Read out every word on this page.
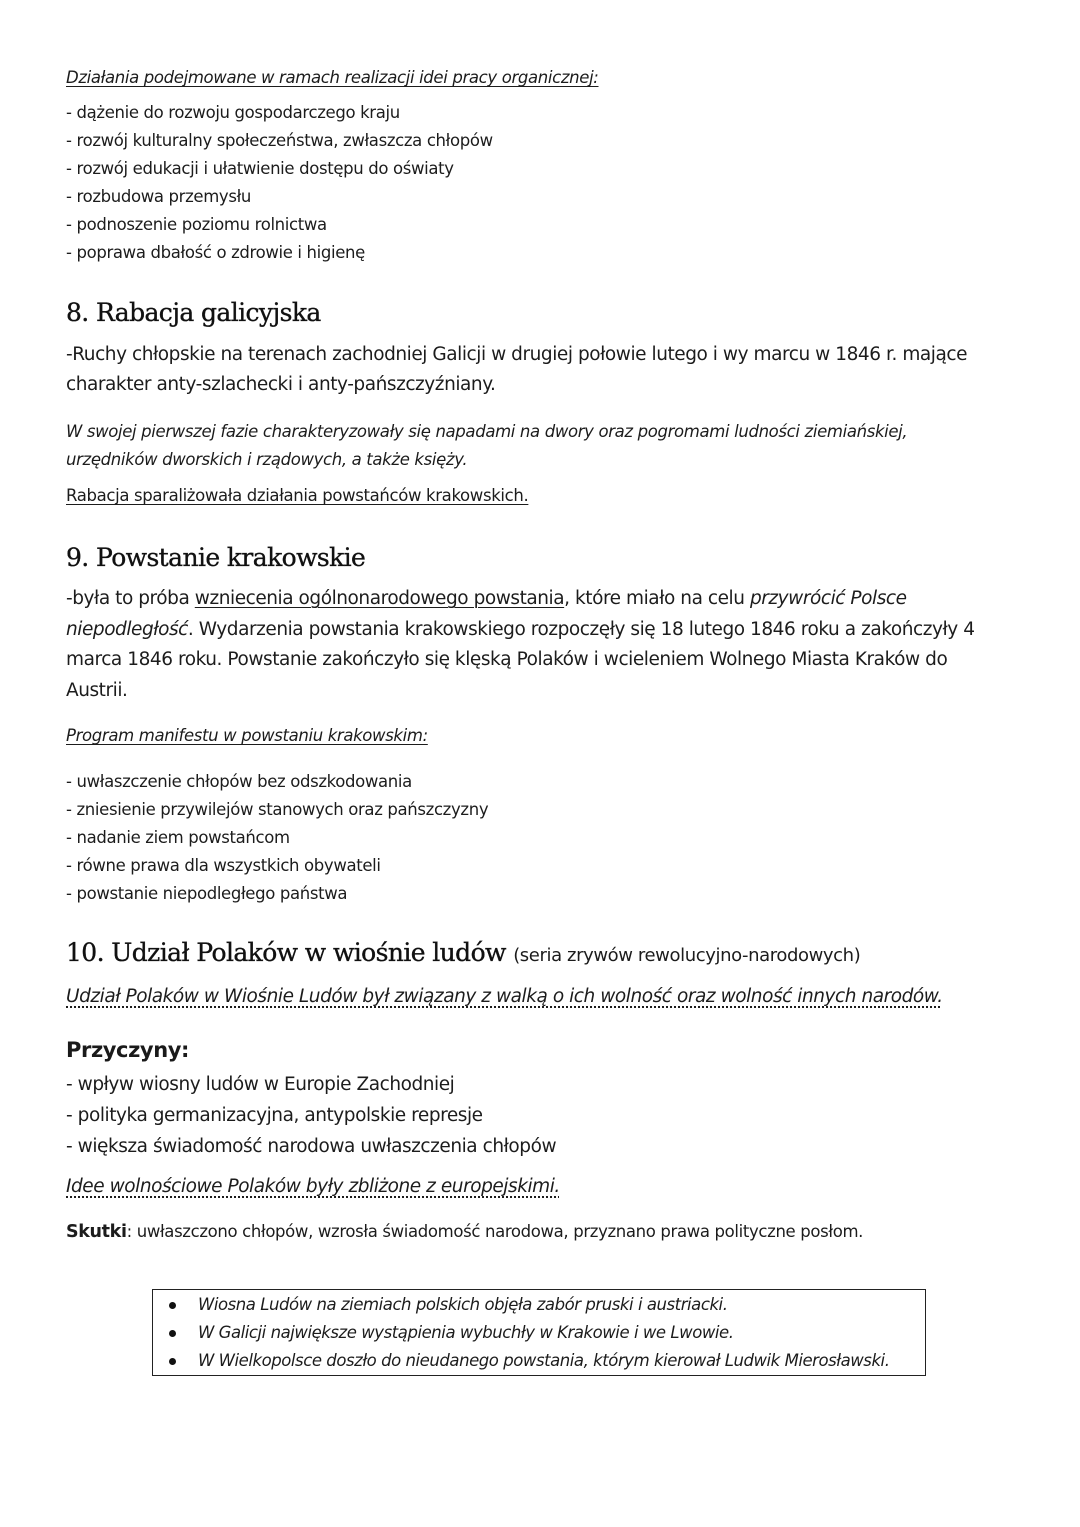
Działania podejmowane w ramach realizacji idei pracy organicznej:
- dążenie do rozwoju gospodarczego kraju
- rozwój kulturalny społeczeństwa, zwłaszcza chłopów
- rozwój edukacji i ułatwienie dostępu do oświaty
- rozbudowa przemysłu
- podnoszenie poziomu rolnictwa
- poprawa dbałość o zdrowie i higienę
8. Rabacja galicyjska
-Ruchy chłopskie na terenach zachodniej Galicji w drugiej połowie lutego i wy marcu w 1846 r. mające
charakter anty-szlachecki i anty-pańszczyźniany.
W swojej pierwszej fazie charakteryzowały się napadami na dwory oraz pogromami ludności ziemiańskiej,
urzędników dworskich i rządowych, a także księży.
Rabacja sparaliżowała działania powstańców krakowskich.
9. Powstanie krakowskie
-była to próba wzniecenia ogólnonarodowego powstania, które miało na celu przywrócić Polsce
niepodległość. Wydarzenia powstania krakowskiego rozpoczęły się 18 lutego 1846 roku a zakończyły 4
marca 1846 roku. Powstanie zakończyło się klęską Polaków i wcieleniem Wolnego Miasta Kraków do
Austrii.
Program manifestu w powstaniu krakowskim:
- uwłaszczenie chłopów bez odszkodowania
- zniesienie przywilejów stanowych oraz pańszczyzny
- nadanie ziem powstańcom
- równe prawa dla wszystkich obywateli
- powstanie niepodległego państwa
10. Udział Polaków w wiośnie ludów (seria zrywów rewolucyjno-narodowych)
Udział Polaków w Wiośnie Ludów był związany z walką o ich wolność oraz wolność innych narodów.
Przyczyny:
- wpływ wiosny ludów w Europie Zachodniej
- polityka germanizacyjna, antypolskie represje
- większa świadomość narodowa uwłaszczenia chłopów
Idee wolnościowe Polaków były zbliżone z europejskimi.
Skutki: uwłaszczono chłopów, wzrosła świadomość narodowa, przyznano prawa polityczne posłom.
Wiosna Ludów na ziemiach polskich objęła zabór pruski i austriacki.
W Galicji największe wystąpienia wybuchły w Krakowie i we Lwowie.
W Wielkopolsce doszło do nieudanego powstania, którym kierował Ludwik Mierosławski.
